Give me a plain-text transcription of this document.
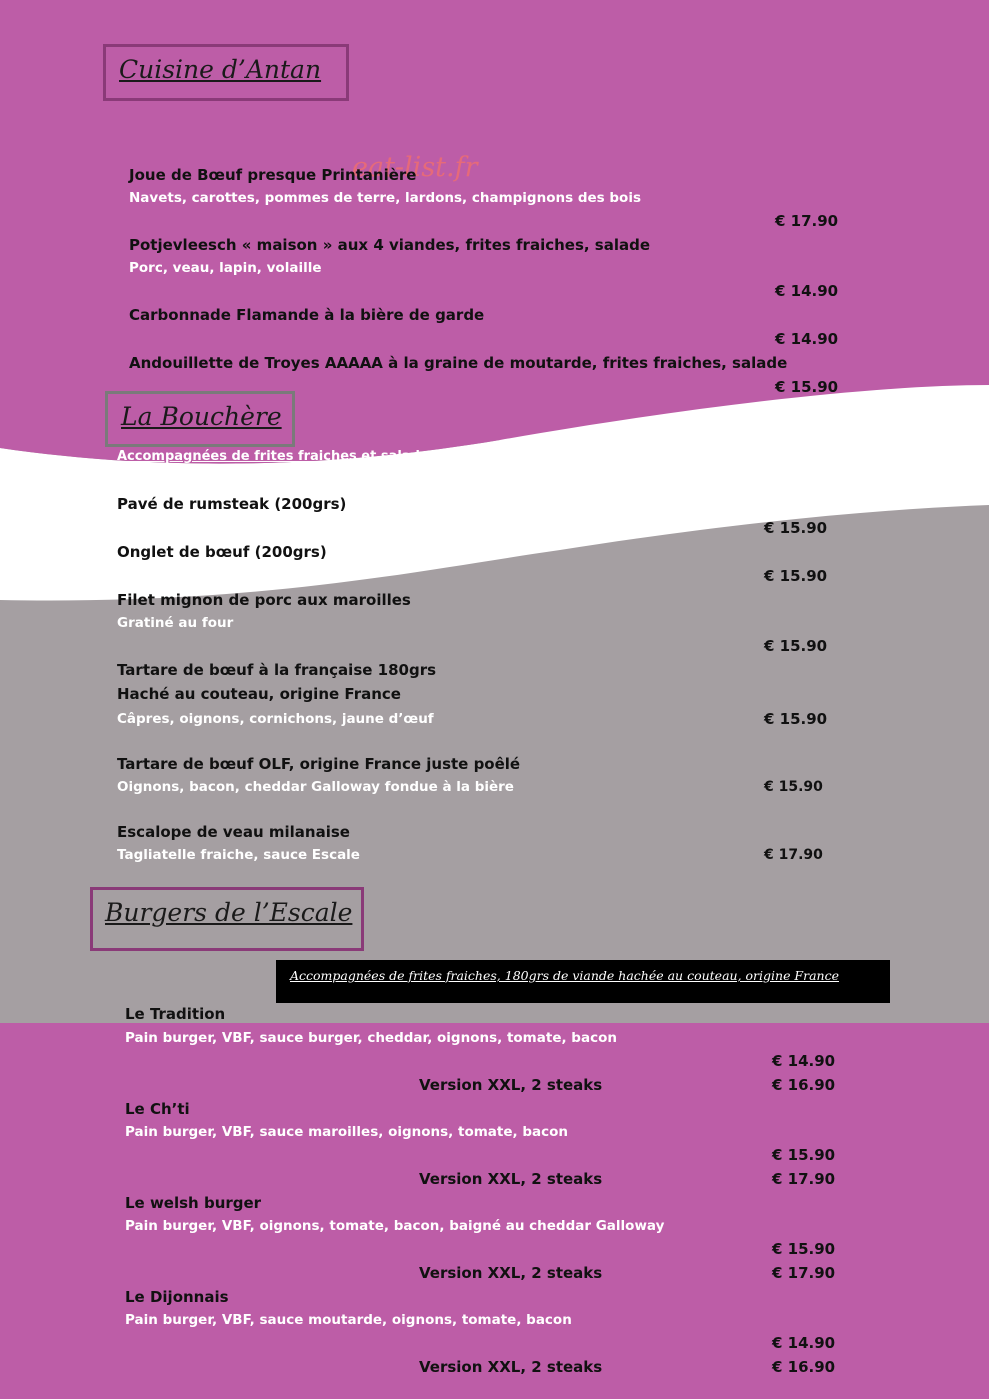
Cuisine d’Antan
eat-list.fr
Joue de Bœuf presque Printanière
Navets, carottes, pommes de terre, lardons, champignons des bois
€ 17.90
Potjevleesch « maison » aux 4 viandes, frites fraiches, salade
Porc, veau, lapin, volaille
€ 14.90
Carbonnade Flamande à la bière de garde
€ 14.90
Andouillette de Troyes AAAAA à la graine de moutarde, frites fraiches, salade
€ 15.90
La Bouchère
Accompagnées de frites fraiches et salade
Pavé de rumsteak (200grs)
€ 15.90
Onglet de bœuf (200grs)
€ 15.90
Filet mignon de porc aux maroilles
Gratiné au four
€ 15.90
Tartare de bœuf à la française 180grs
Haché au couteau, origine France
Câpres, oignons, cornichons, jaune d’œuf	€ 15.90
Tartare de bœuf OLF, origine France juste poêlé
Oignons, bacon, cheddar Galloway fondue à la bière	€ 15.90
Escalope de veau milanaise
Tagliatelle fraiche, sauce Escale	€ 17.90
Burgers de l’Escale
Accompagnées de frites fraiches, 180grs de viande hachée au couteau, origine France
Le Tradition
Pain burger, VBF, sauce burger, cheddar, oignons, tomate, bacon
€ 14.90
Version XXL, 2 steaks	€ 16.90
Le Ch’ti
Pain burger, VBF, sauce maroilles, oignons, tomate, bacon
€ 15.90
Version XXL, 2 steaks	€ 17.90
Le welsh burger
Pain burger, VBF, oignons, tomate, bacon, baigné au cheddar Galloway
€ 15.90
Version XXL, 2 steaks	€ 17.90
Le Dijonnais
Pain burger, VBF, sauce moutarde, oignons, tomate, bacon
€ 14.90
Version XXL, 2 steaks	€ 16.90
